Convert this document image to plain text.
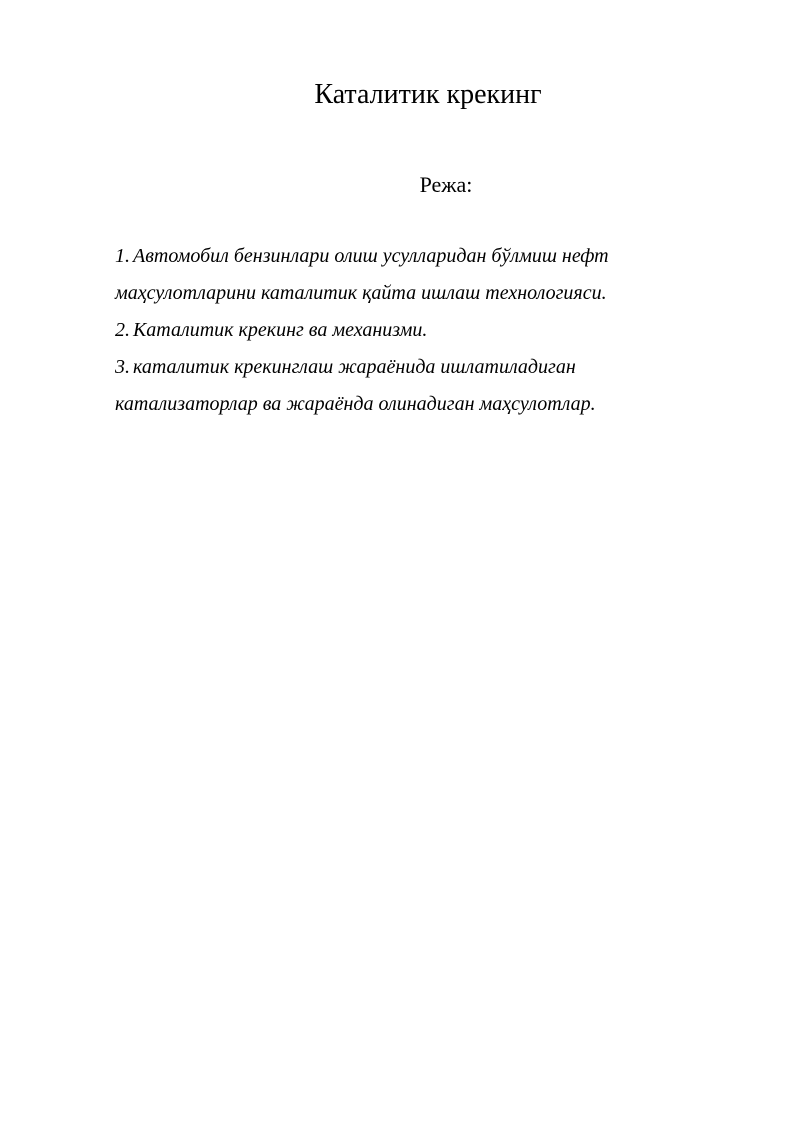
Каталитик крекинг
Режа:
1. Автомобил бензинлари олиш усулларидан бўлмиш нефт
маҳсулотларини каталитик қайта ишлаш технологияси.
2. Каталитик крекинг ва механизми.
3. каталитик крекинглаш жараёнида ишлатиладиган
катализаторлар ва жараёнда олинадиган маҳсулотлар.
